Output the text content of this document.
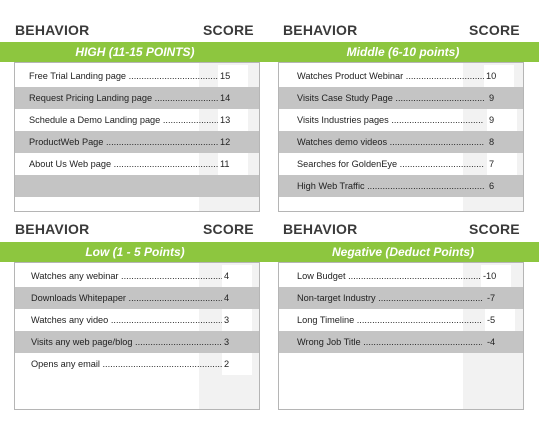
BEHAVIOR	SCORE BEHAVIOR	SCORE
HIGH (11-15 POINTS)	Middle (6-10 points)
Free Trial Landing page .....	15
Request Pricing Landing page .....	14
Schedule a Demo Landing page .....	13
ProductWeb Page .....	12
About Us Web page .....	11
Watches Product Webinar .....	10
Visits Case Study Page .....	9
Visits Industries pages .....	9
Watches demo videos .....	8
Searches for GoldenEye .....	7
High Web Traffic .....	6
BEHAVIOR	SCORE BEHAVIOR	SCORE
Low (1 - 5 Points)	Negative (Deduct Points)
Watches any webinar .....	4
Downloads Whitepaper .....	4
Watches any video .....	3
Visits any web page/blog .....	3
Opens any email .....	2
Low Budget .....	-10
Non-target Industry .....	-7
Long Timeline .....	-5
Wrong Job Title .....	-4
